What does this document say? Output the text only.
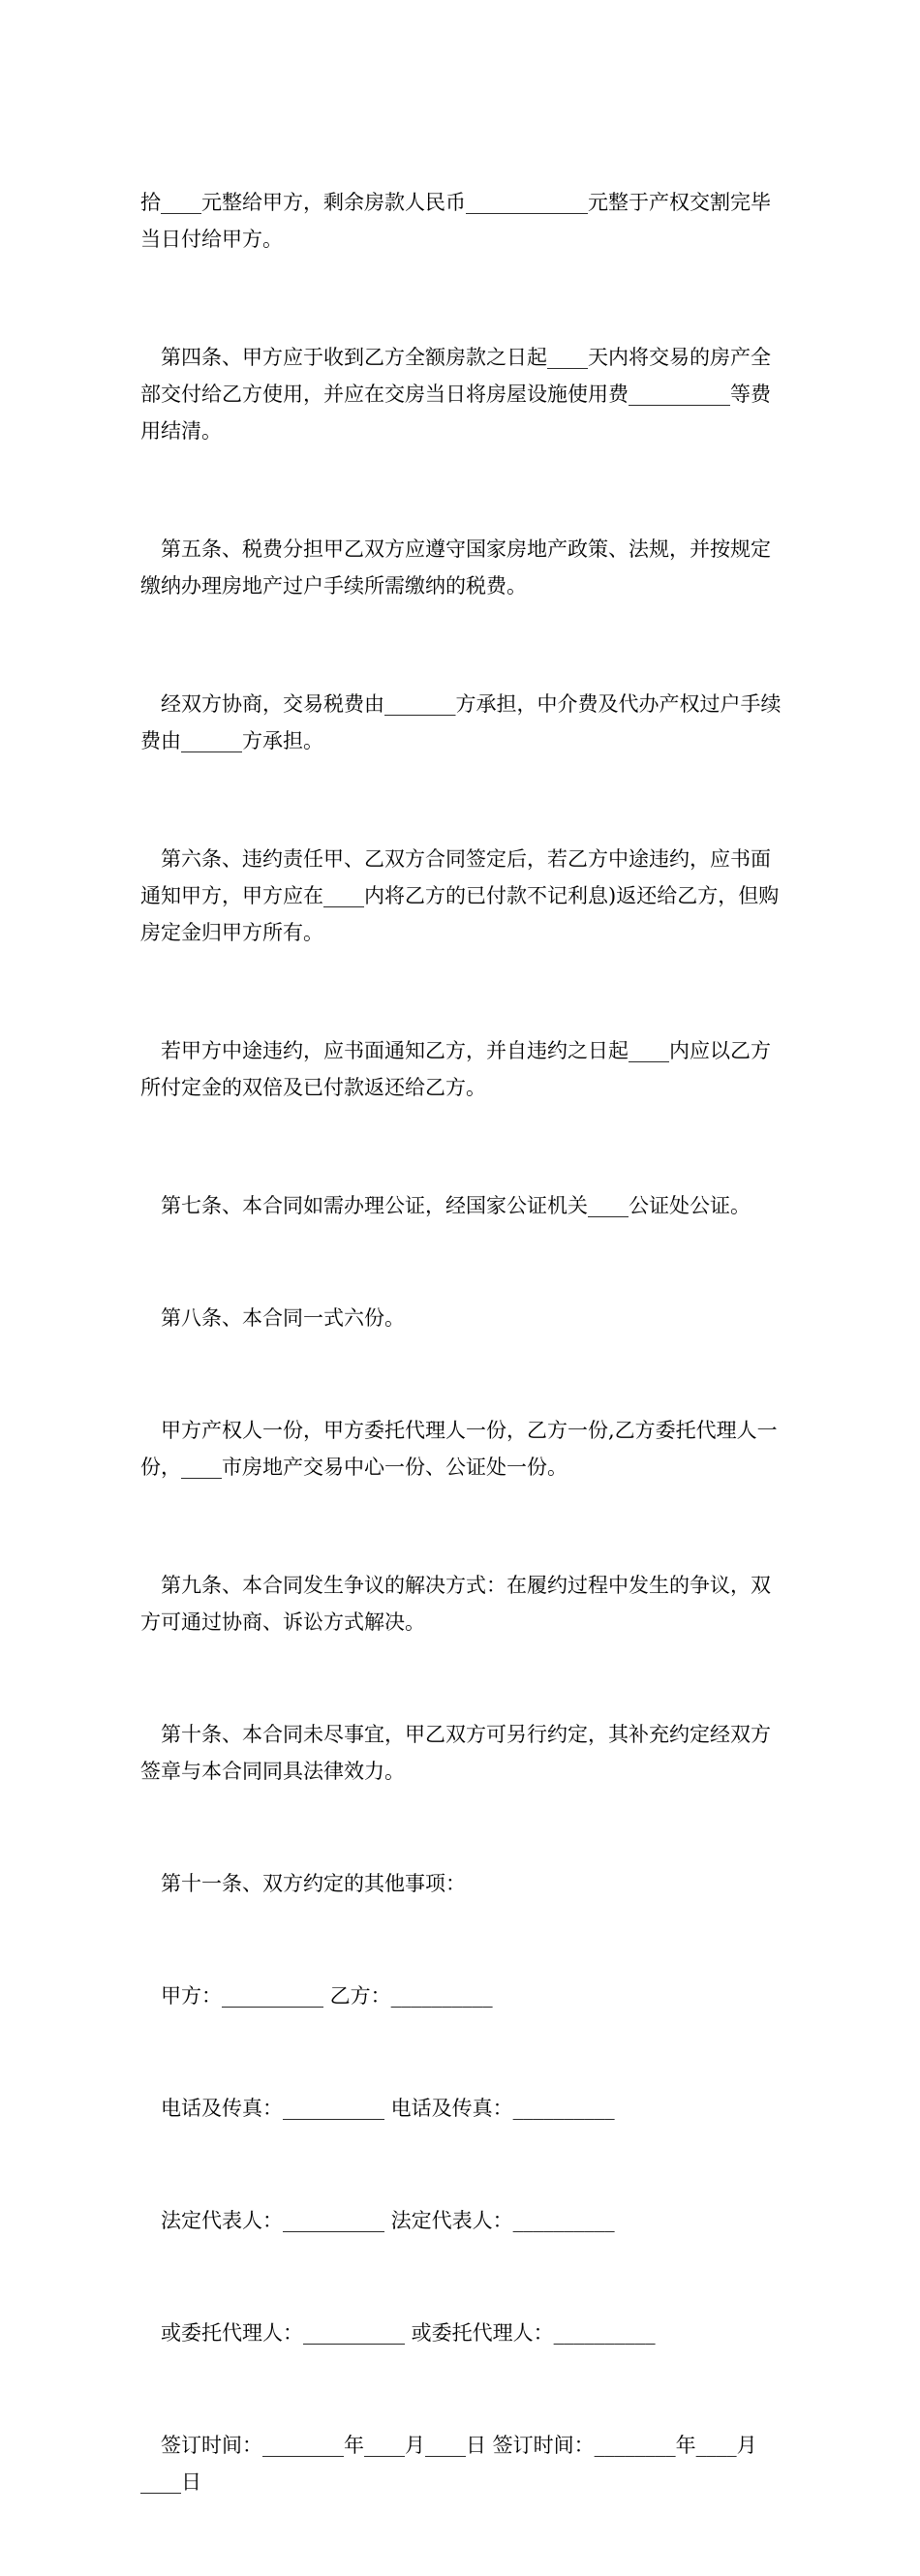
拾____元整给甲方，剩余房款人民币____________元整于产权交割完毕当日付给甲方。

第四条、甲方应于收到乙方全额房款之日起____天内将交易的房产全部交付给乙方使用，并应在交房当日将房屋设施使用费__________等费用结清。

第五条、税费分担甲乙双方应遵守国家房地产政策、法规，并按规定缴纳办理房地产过户手续所需缴纳的税费。

经双方协商，交易税费由_______方承担，中介费及代办产权过户手续费由______方承担。

第六条、违约责任甲、乙双方合同签定后，若乙方中途违约，应书面通知甲方，甲方应在____内将乙方的已付款不记利息)返还给乙方，但购房定金归甲方所有。

若甲方中途违约，应书面通知乙方，并自违约之日起____内应以乙方所付定金的双倍及已付款返还给乙方。

第七条、本合同如需办理公证，经国家公证机关____公证处公证。

第八条、本合同一式六份。

甲方产权人一份，甲方委托代理人一份，乙方一份,乙方委托代理人一份，____市房地产交易中心一份、公证处一份。

第九条、本合同发生争议的解决方式：在履约过程中发生的争议，双方可通过协商、诉讼方式解决。

第十条、本合同未尽事宜，甲乙双方可另行约定，其补充约定经双方签章与本合同同具法律效力。

第十一条、双方约定的其他事项：

甲方：__________ 乙方：__________

电话及传真：__________ 电话及传真：__________

法定代表人：__________ 法定代表人：__________

或委托代理人：__________ 或委托代理人：__________

签订时间：________年____月____日 签订时间：________年____月____日
